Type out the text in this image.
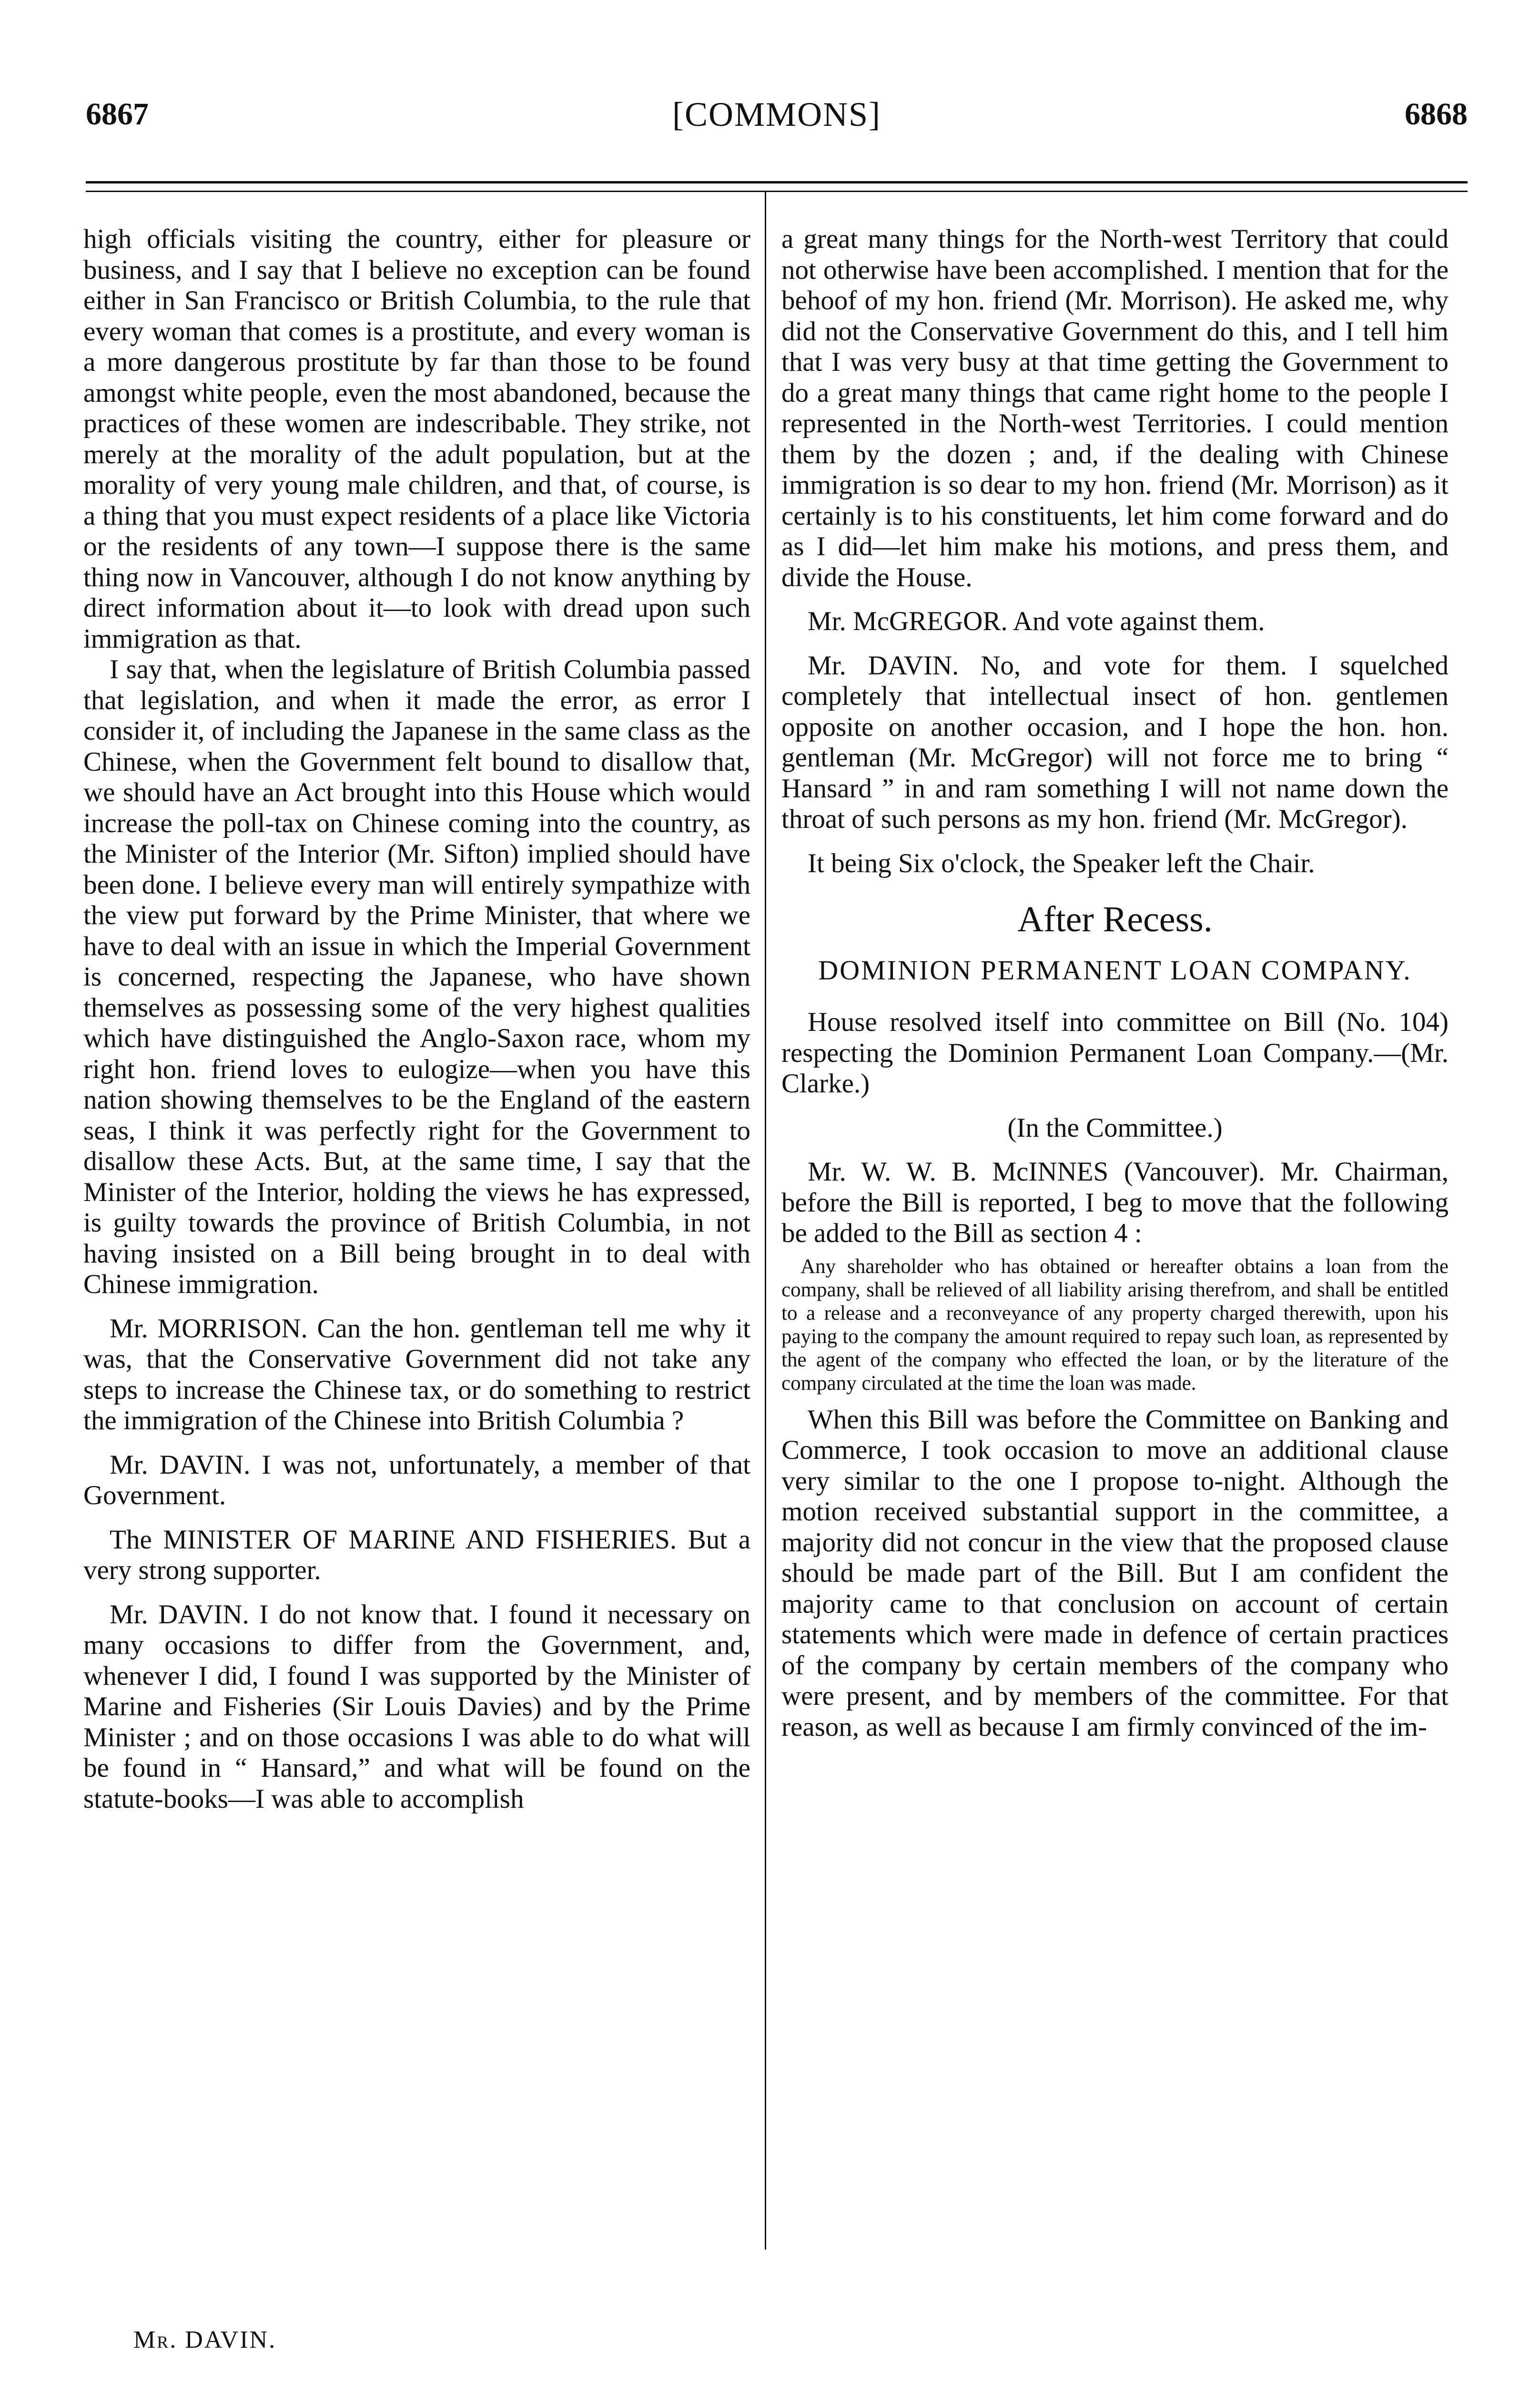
[COMMONS]
6867	6868

high officials visiting the country, either for pleasure or business, and I say that I believe no exception can be found either in San Francisco or British Columbia, to the rule that every woman that comes is a prostitute, and every woman is a more dangerous prostitute by far than those to be found amongst white people, even the most abandoned, because the practices of these women are indescribable. They strike, not merely at the morality of the adult population, but at the morality of very young male children, and that, of course, is a thing that you must expect residents of a place like Victoria or the residents of any town—I suppose there is the same thing now in Vancouver, although I do not know anything by direct information about it—to look with dread upon such immigration as that.

I say that, when the legislature of British Columbia passed that legislation, and when it made the error, as error I consider it, of including the Japanese in the same class as the Chinese, when the Government felt bound to disallow that, we should have an Act brought into this House which would increase the poll-tax on Chinese coming into the country, as the Minister of the Interior (Mr. Sifton) implied should have been done. I believe every man will entirely sympathize with the view put forward by the Prime Minister, that where we have to deal with an issue in which the Imperial Government is concerned, respecting the Japanese, who have shown themselves as possessing some of the very highest qualities which have distinguished the Anglo-Saxon race, whom my right hon. friend loves to eulogize—when you have this nation showing themselves to be the England of the eastern seas, I think it was perfectly right for the Government to disallow these Acts. But, at the same time, I say that the Minister of the Interior, holding the views he has expressed, is guilty towards the province of British Columbia, in not having insisted on a Bill being brought in to deal with Chinese immigration.

Mr. MORRISON. Can the hon. gentleman tell me why it was, that the Conservative Government did not take any steps to increase the Chinese tax, or do something to restrict the immigration of the Chinese into British Columbia ?

Mr. DAVIN. I was not, unfortunately, a member of that Government.

The MINISTER OF MARINE AND FISHERIES. But a very strong supporter.

Mr. DAVIN. I do not know that. I found it necessary on many occasions to differ from the Government, and, whenever I did, I found I was supported by the Minister of Marine and Fisheries (Sir Louis Davies) and by the Prime Minister ; and on those occasions I was able to do what will be found in “ Hansard,” and what will be found on the statute-books—I was able to accomplish

a great many things for the North-west Territory that could not otherwise have been accomplished. I mention that for the behoof of my hon. friend (Mr. Morrison). He asked me, why did not the Conservative Government do this, and I tell him that I was very busy at that time getting the Government to do a great many things that came right home to the people I represented in the North-west Territories. I could mention them by the dozen ; and, if the dealing with Chinese immigration is so dear to my hon. friend (Mr. Morrison) as it certainly is to his constituents, let him come forward and do as I did—let him make his motions, and press them, and divide the House.

Mr. McGREGOR. And vote against them.

Mr. DAVIN. No, and vote for them. I squelched completely that intellectual insect of hon. gentlemen opposite on another occasion, and I hope the hon. hon. gentleman (Mr. McGregor) will not force me to bring “ Hansard ” in and ram something I will not name down the throat of such persons as my hon. friend (Mr. McGregor).

It being Six o'clock, the Speaker left the Chair.

After Recess.

DOMINION PERMANENT LOAN COMPANY.

House resolved itself into committee on Bill (No. 104) respecting the Dominion Permanent Loan Company.—(Mr. Clarke.)

(In the Committee.)

Mr. W. W. B. McINNES (Vancouver). Mr. Chairman, before the Bill is reported, I beg to move that the following be added to the Bill as section 4 :

Any shareholder who has obtained or hereafter obtains a loan from the company, shall be relieved of all liability arising therefrom, and shall be entitled to a release and a reconveyance of any property charged therewith, upon his paying to the company the amount required to repay such loan, as represented by the agent of the company who effected the loan, or by the literature of the company circulated at the time the loan was made.

When this Bill was before the Committee on Banking and Commerce, I took occasion to move an additional clause very similar to the one I propose to-night. Although the motion received substantial support in the committee, a majority did not concur in the view that the proposed clause should be made part of the Bill. But I am confident the majority came to that conclusion on account of certain statements which were made in defence of certain practices of the company by certain members of the company who were present, and by members of the committee. For that reason, as well as because I am firmly convinced of the im-

Mr. DAVIN.
